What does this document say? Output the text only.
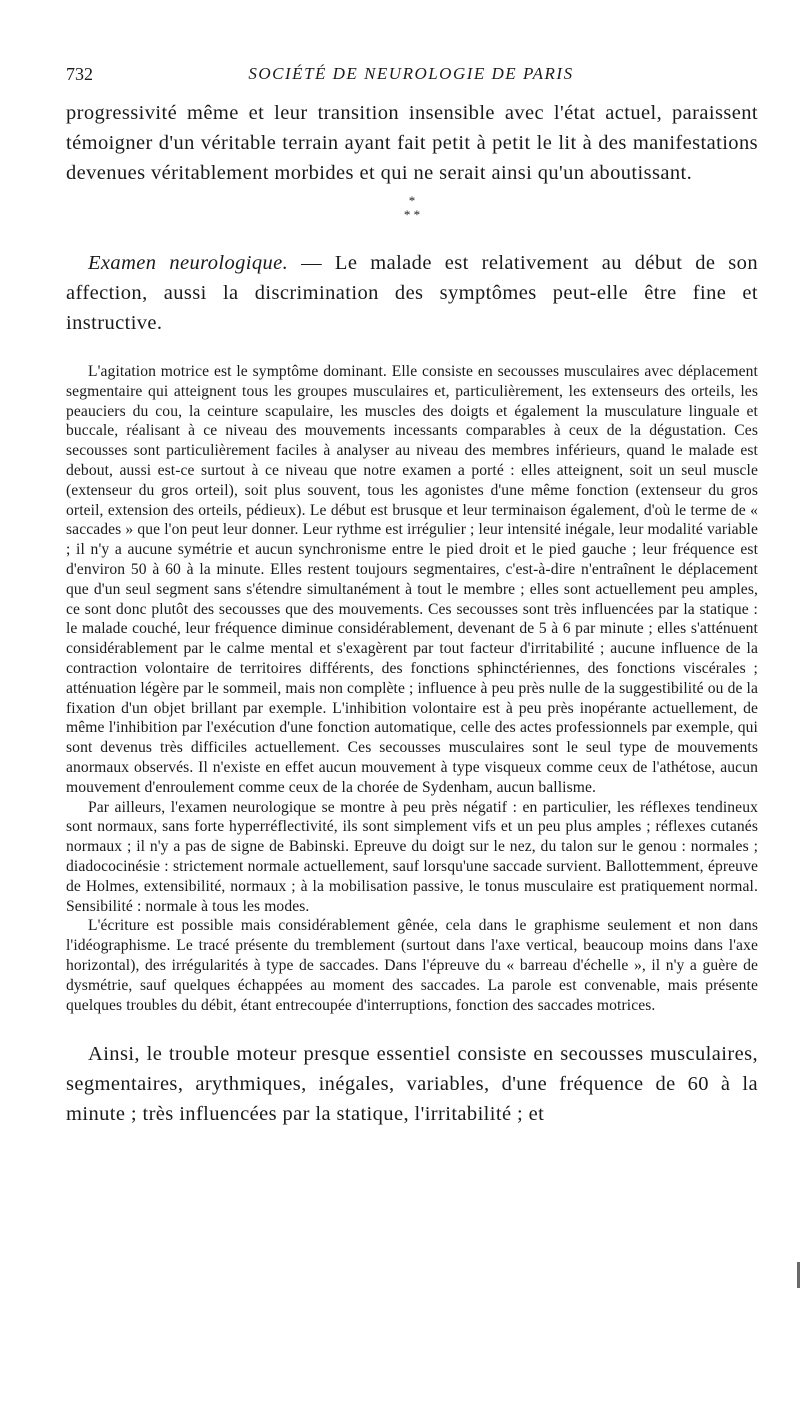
732	SOCIÉTÉ DE NEUROLOGIE DE PARIS

progressivité même et leur transition insensible avec l'état actuel, paraissent témoigner d'un véritable terrain ayant fait petit à petit le lit à des manifestations devenues véritablement morbides et qui ne serait ainsi qu'un aboutissant.

*
* *

Examen neurologique. — Le malade est relativement au début de son affection, aussi la discrimination des symptômes peut-elle être fine et instructive.

L'agitation motrice est le symptôme dominant. Elle consiste en secousses musculaires avec déplacement segmentaire qui atteignent tous les groupes musculaires et, particulièrement, les extenseurs des orteils, les peauciers du cou, la ceinture scapulaire, les muscles des doigts et également la musculature linguale et buccale, réalisant à ce niveau des mouvements incessants comparables à ceux de la dégustation. Ces secousses sont particulièrement faciles à analyser au niveau des membres inférieurs, quand le malade est debout, aussi est-ce surtout à ce niveau que notre examen a porté : elles atteignent, soit un seul muscle (extenseur du gros orteil), soit plus souvent, tous les agonistes d'une même fonction (extenseur du gros orteil, extension des orteils, pédieux). Le début est brusque et leur terminaison également, d'où le terme de « saccades » que l'on peut leur donner. Leur rythme est irrégulier ; leur intensité inégale, leur modalité variable ; il n'y a aucune symétrie et aucun synchronisme entre le pied droit et le pied gauche ; leur fréquence est d'environ 50 à 60 à la minute. Elles restent toujours segmentaires, c'est-à-dire n'entraînent le déplacement que d'un seul segment sans s'étendre simultanément à tout le membre ; elles sont actuellement peu amples, ce sont donc plutôt des secousses que des mouvements. Ces secousses sont très influencées par la statique : le malade couché, leur fréquence diminue considérablement, devenant de 5 à 6 par minute ; elles s'atténuent considérablement par le calme mental et s'exagèrent par tout facteur d'irritabilité ; aucune influence de la contraction volontaire de territoires différents, des fonctions sphinctériennes, des fonctions viscérales ; atténuation légère par le sommeil, mais non complète ; influence à peu près nulle de la suggestibilité ou de la fixation d'un objet brillant par exemple. L'inhibition volontaire est à peu près inopérante actuellement, de même l'inhibition par l'exécution d'une fonction automatique, celle des actes professionnels par exemple, qui sont devenus très difficiles actuellement. Ces secousses musculaires sont le seul type de mouvements anormaux observés. Il n'existe en effet aucun mouvement à type visqueux comme ceux de l'athétose, aucun mouvement d'enroulement comme ceux de la chorée de Sydenham, aucun ballisme.

Par ailleurs, l'examen neurologique se montre à peu près négatif : en particulier, les réflexes tendineux sont normaux, sans forte hyperréflectivité, ils sont simplement vifs et un peu plus amples ; réflexes cutanés normaux ; il n'y a pas de signe de Babinski. Epreuve du doigt sur le nez, du talon sur le genou : normales ; diadococinésie : strictement normale actuellement, sauf lorsqu'une saccade survient. Ballottemment, épreuve de Holmes, extensibilité, normaux ; à la mobilisation passive, le tonus musculaire est pratiquement normal. Sensibilité : normale à tous les modes.

L'écriture est possible mais considérablement gênée, cela dans le graphisme seulement et non dans l'idéographisme. Le tracé présente du tremblement (surtout dans l'axe vertical, beaucoup moins dans l'axe horizontal), des irrégularités à type de saccades. Dans l'épreuve du « barreau d'échelle », il n'y a guère de dysmétrie, sauf quelques échappées au moment des saccades. La parole est convenable, mais présente quelques troubles du débit, étant entrecoupée d'interruptions, fonction des saccades motrices.

Ainsi, le trouble moteur presque essentiel consiste en secousses musculaires, segmentaires, arythmiques, inégales, variables, d'une fréquence de 60 à la minute ; très influencées par la statique, l'irritabilité ; et
